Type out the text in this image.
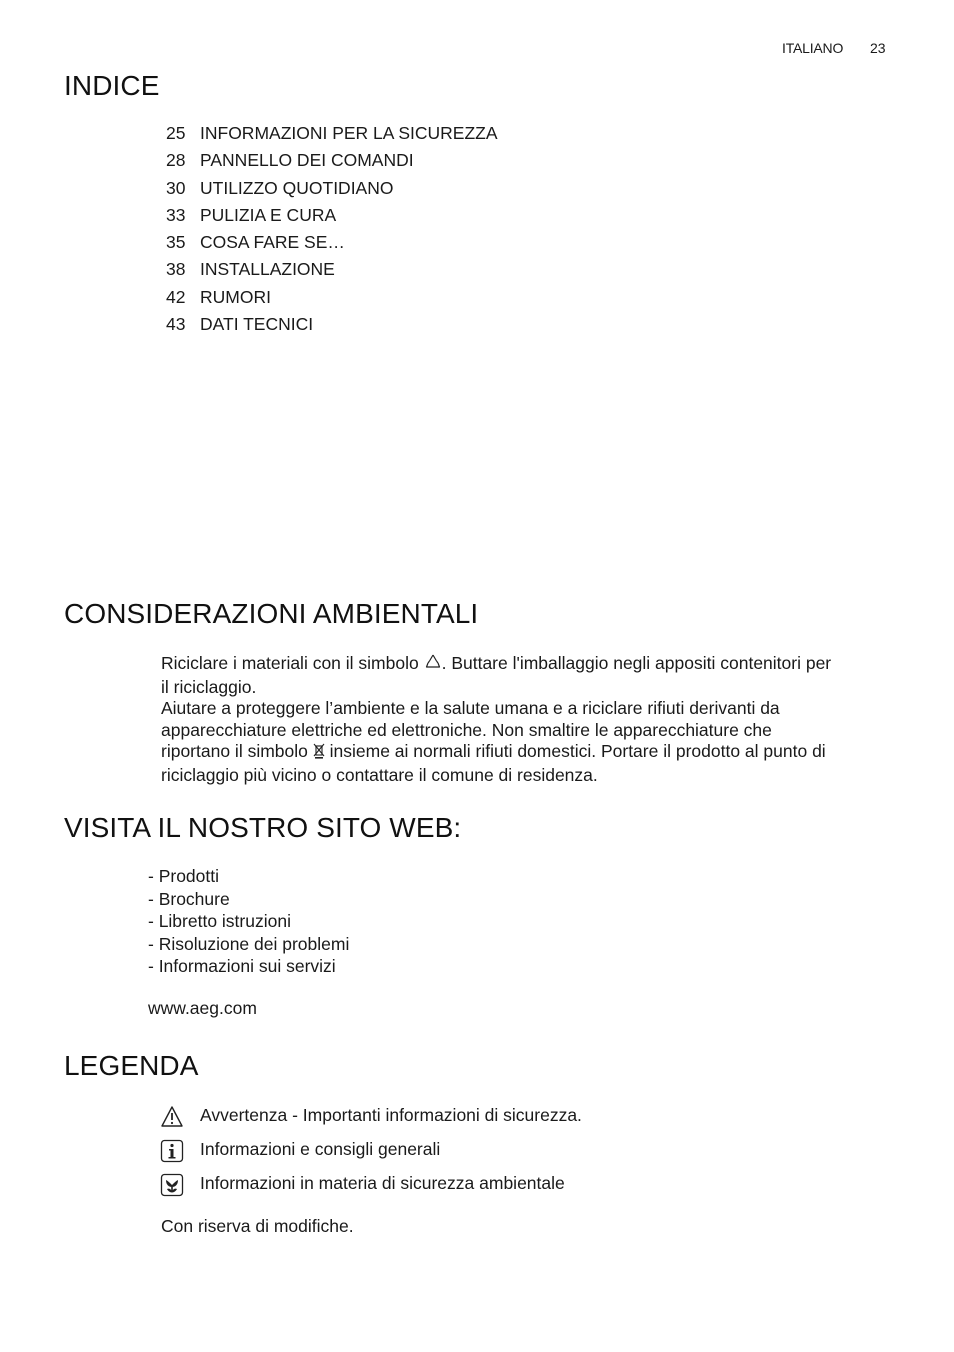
ITALIANO 23
INDICE
25 INFORMAZIONI PER LA SICUREZZA
28 PANNELLO DEI COMANDI
30 UTILIZZO QUOTIDIANO
33 PULIZIA E CURA
35 COSA FARE SE…
38 INSTALLAZIONE
42 RUMORI
43 DATI TECNICI
CONSIDERAZIONI AMBIENTALI
Riciclare i materiali con il simbolo . Buttare l'imballaggio negli appositi contenitori per
il riciclaggio.
Aiutare a proteggere l’ambiente e la salute umana e a riciclare rifiuti derivanti da
apparecchiature elettriche ed elettroniche. Non smaltire le apparecchiature che
riportano il simbolo insieme ai normali rifiuti domestici. Portare il prodotto al punto di
riciclaggio più vicino o contattare il comune di residenza.
VISITA IL NOSTRO SITO WEB:
- Prodotti
- Brochure
- Libretto istruzioni
- Risoluzione dei problemi
- Informazioni sui servizi
www.aeg.com
LEGENDA
Avvertenza - Importanti informazioni di sicurezza.
Informazioni e consigli generali
Informazioni in materia di sicurezza ambientale
Con riserva di modifiche.
